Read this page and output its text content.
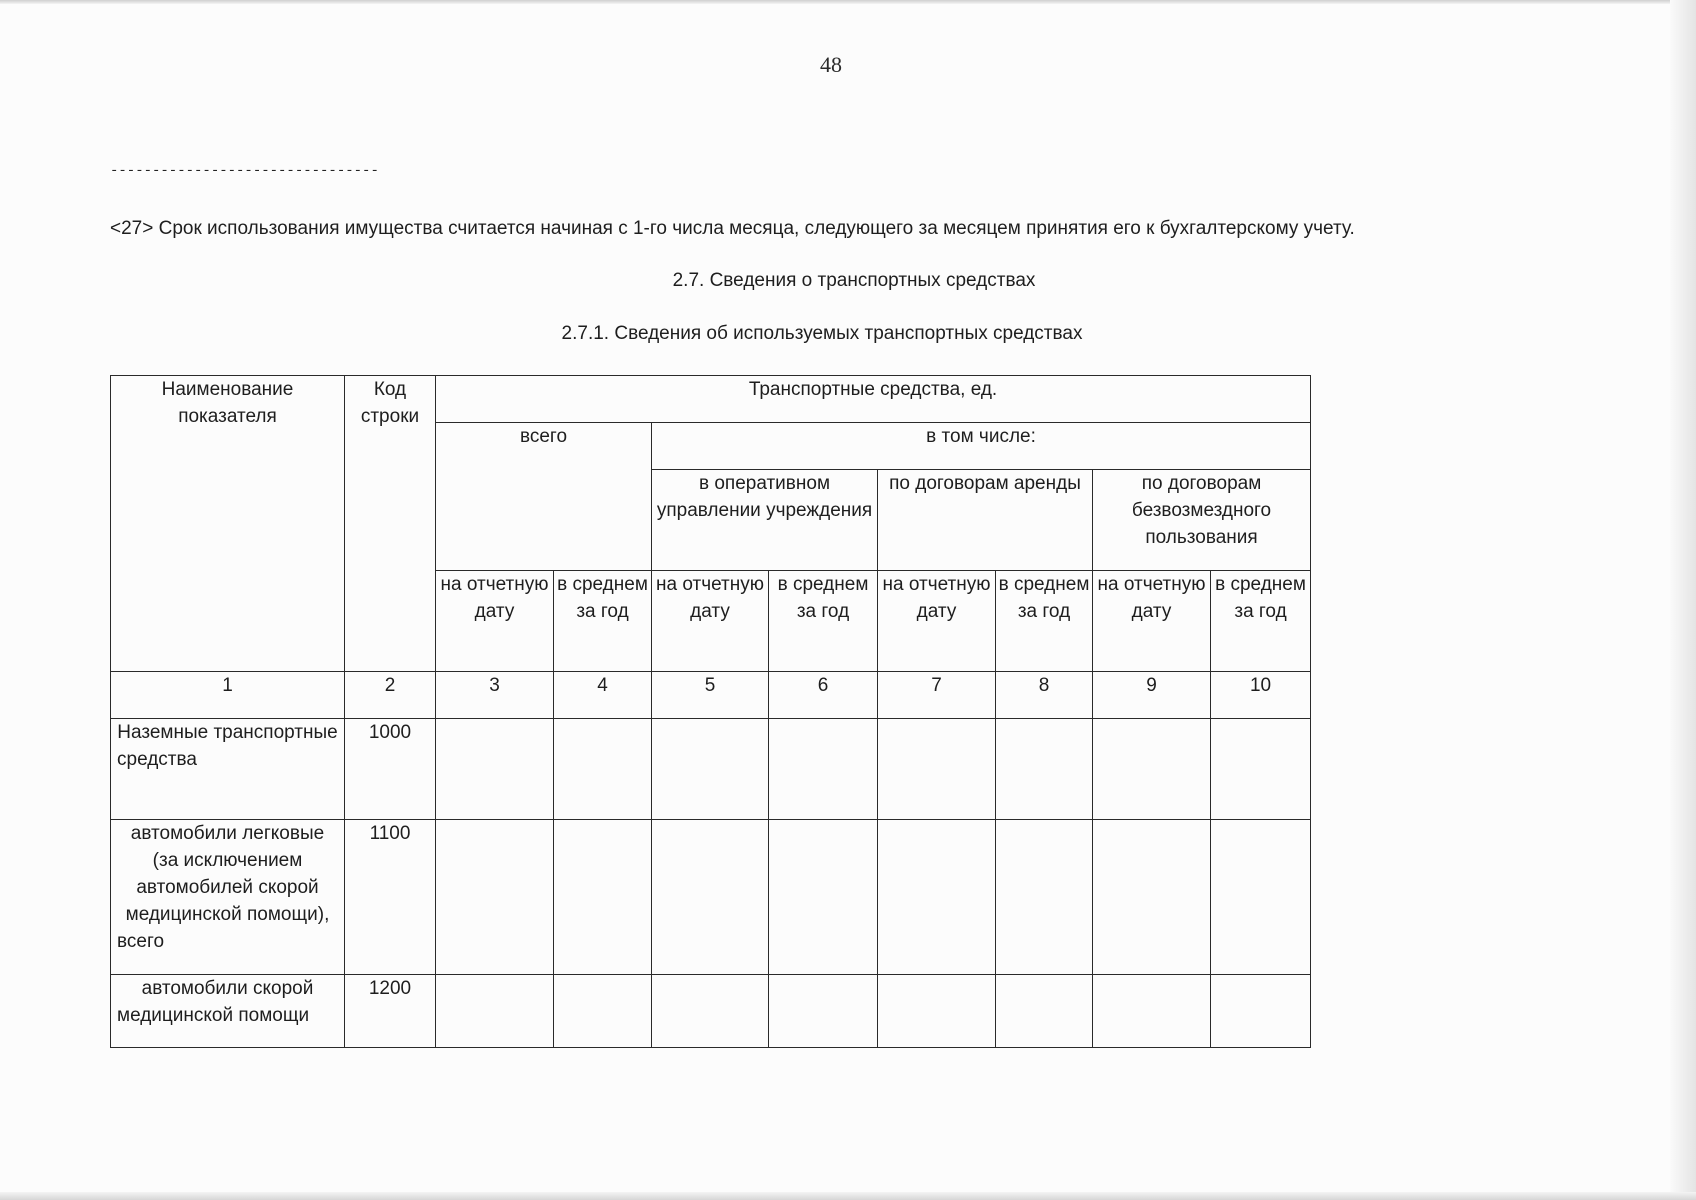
48
--------------------------------
<27> Срок использования имущества считается начиная с 1-го числа месяца, следующего за месяцем принятия его к бухгалтерскому учету.
2.7. Сведения о транспортных средствах
2.7.1. Сведения об используемых транспортных средствах
Наименование показателя	Код строки	Транспортные средства, ед.							
		всего		в том числе:					
				в оперативном управлении учреждения		по договорам аренды		по договорам безвозмездного пользования	
		на отчетную дату	в среднем за год	на отчетную дату	в среднем за год	на отчетную дату	в среднем за год	на отчетную дату	в среднем за год
1	2	3	4	5	6	7	8	9	10
Наземные транспортные средства	1000								
автомобили легковые (за исключением автомобилей скорой медицинской помощи), всего	1100								
автомобили скорой медицинской помощи	1200								
